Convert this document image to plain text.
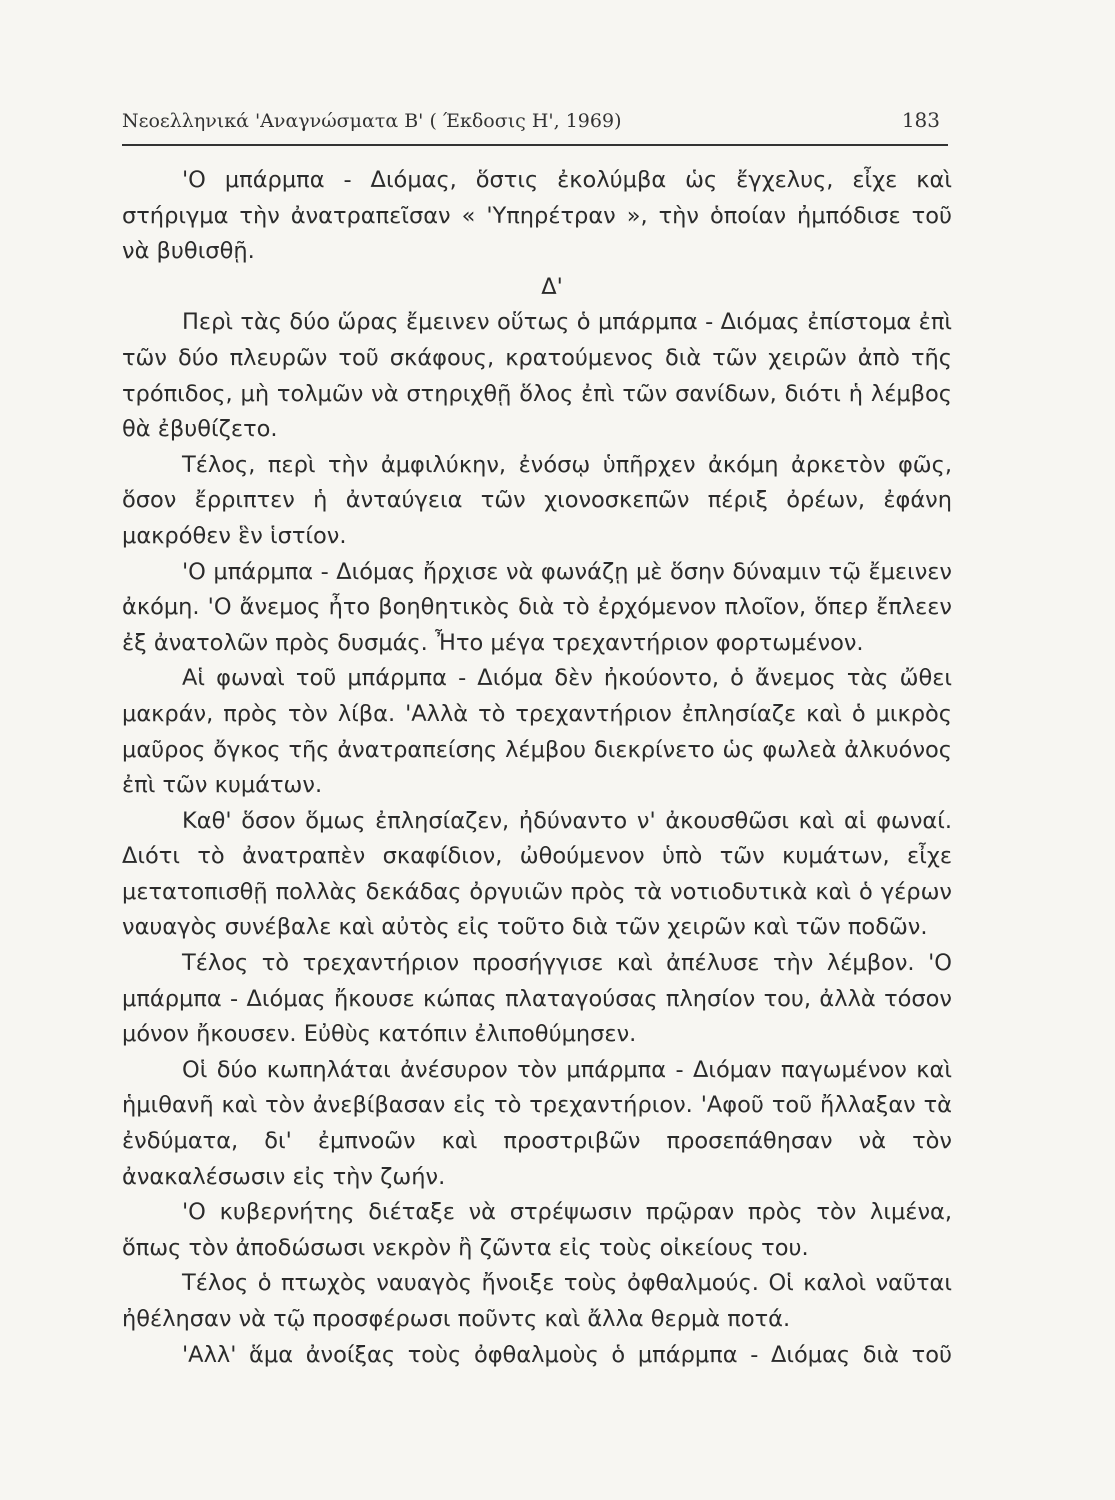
Νεοελληνικά 'Αναγνώσματα Β' ( Έκδοσις Η', 1969)	183

'Ο μπάρμπα - Διόμας, ὅστις ἐκολύμβα ὡς ἔγχελυς, εἶχε καὶ στήριγμα τὴν ἀνατραπεῖσαν « 'Υπηρέτραν », τὴν ὁποίαν ἠμπόδισε τοῦ νὰ βυθισθῇ.

Δ'

Περὶ τὰς δύο ὥρας ἔμεινεν οὕτως ὁ μπάρμπα - Διόμας ἐπίστομα ἐπὶ τῶν δύο πλευρῶν τοῦ σκάφους, κρατούμενος διὰ τῶν χειρῶν ἀπὸ τῆς τρόπιδος, μὴ τολμῶν νὰ στηριχθῇ ὅλος ἐπὶ τῶν σανίδων, διότι ἡ λέμβος θὰ ἐβυθίζετο.

Τέλος, περὶ τὴν ἀμφιλύκην, ἐνόσῳ ὑπῆρχεν ἀκόμη ἀρκετὸν φῶς, ὅσον ἔρριπτεν ἡ ἀνταύγεια τῶν χιονοσκεπῶν πέριξ ὀρέων, ἐφάνη μακρόθεν ἓν ἱστίον.

'Ο μπάρμπα - Διόμας ἤρχισε νὰ φωνάζῃ μὲ ὅσην δύναμιν τῷ ἔμεινεν ἀκόμη. 'Ο ἄνεμος ἦτο βοηθητικὸς διὰ τὸ ἐρχόμενον πλοῖον, ὅπερ ἔπλεεν ἐξ ἀνατολῶν πρὸς δυσμάς. Ἦτο μέγα τρεχαντήριον φορτωμένον.

Αἱ φωναὶ τοῦ μπάρμπα - Διόμα δὲν ἠκούοντο, ὁ ἄνεμος τὰς ὤθει μακράν, πρὸς τὸν λίβα. 'Αλλὰ τὸ τρεχαντήριον ἐπλησίαζε καὶ ὁ μικρὸς μαῦρος ὄγκος τῆς ἀνατραπείσης λέμβου διεκρίνετο ὡς φωλεὰ ἀλκυόνος ἐπὶ τῶν κυμάτων.

Καθ' ὅσον ὅμως ἐπλησίαζεν, ἠδύναντο ν' ἀκουσθῶσι καὶ αἱ φωναί. Διότι τὸ ἀνατραπὲν σκαφίδιον, ὠθούμενον ὑπὸ τῶν κυμάτων, εἶχε μετατοπισθῇ πολλὰς δεκάδας ὀργυιῶν πρὸς τὰ νοτιοδυτικὰ καὶ ὁ γέρων ναυαγὸς συνέβαλε καὶ αὐτὸς εἰς τοῦτο διὰ τῶν χειρῶν καὶ τῶν ποδῶν.

Τέλος τὸ τρεχαντήριον προσήγγισε καὶ ἀπέλυσε τὴν λέμβον. 'Ο μπάρμπα - Διόμας ἤκουσε κώπας πλαταγούσας πλησίον του, ἀλλὰ τόσον μόνον ἤκουσεν. Εὐθὺς κατόπιν ἐλιποθύμησεν.

Οἱ δύο κωπηλάται ἀνέσυρον τὸν μπάρμπα - Διόμαν παγωμένον καὶ ἡμιθανῆ καὶ τὸν ἀνεβίβασαν εἰς τὸ τρεχαντήριον. 'Αφοῦ τοῦ ἤλλαξαν τὰ ἐνδύματα, δι' ἐμπνοῶν καὶ προστριβῶν προσεπάθησαν νὰ τὸν ἀνακαλέσωσιν εἰς τὴν ζωήν.

'Ο κυβερνήτης διέταξε νὰ στρέψωσιν πρῷραν πρὸς τὸν λιμένα, ὅπως τὸν ἀποδώσωσι νεκρὸν ἢ ζῶντα εἰς τοὺς οἰκείους του.

Τέλος ὁ πτωχὸς ναυαγὸς ἤνοιξε τοὺς ὀφθαλμούς. Οἱ καλοὶ ναῦται ἠθέλησαν νὰ τῷ προσφέρωσι ποῦντς καὶ ἄλλα θερμὰ ποτά.

'Αλλ' ἅμα ἀνοίξας τοὺς ὀφθαλμοὺς ὁ μπάρμπα - Διόμας διὰ τοῦ
